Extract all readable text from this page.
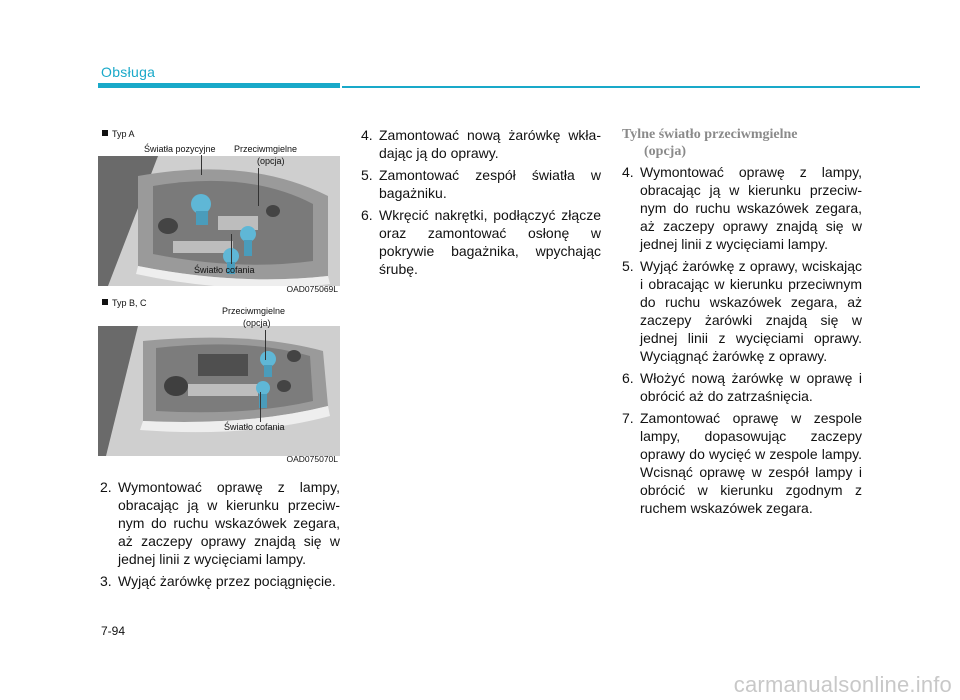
Obsługa
Typ A
Światła pozycyjne Przeciwmgielne
(opcja)
Światło cofania
OAD075069L
Typ B, C
Przeciwmgielne
(opcja)
Światło cofania
OAD075070L
2. Wymontować oprawę z lampy, obracając ją w kierunku przeciwnym do ruchu wskazówek zegara, aż zaczepy oprawy znajdą się w jednej linii z wycięciami lampy.
3. Wyjąć żarówkę przez pociągnięcie.
4. Zamontować nową żarówkę wkładając ją do oprawy.
5. Zamontować zespół światła w bagażniku.
6. Wkręcić nakrętki, podłączyć złącze oraz zamontować osłonę w pokrywie bagażnika, wpychając śrubę.
Tylne światło przeciwmgielne
(opcja)
4. Wymontować oprawę z lampy, obracając ją w kierunku przeciwnym do ruchu wskazówek zegara, aż zaczepy oprawy znajdą się w jednej linii z wycięciami lampy.
5. Wyjąć żarówkę z oprawy, wciskając i obracając w kierunku przeciwnym do ruchu wskazówek zegara, aż zaczepy żarówki znajdą się w jednej linii z wycięciami oprawy. Wyciągnąć żarówkę z oprawy.
6. Włożyć nową żarówkę w oprawę i obrócić aż do zatrzaśnięcia.
7. Zamontować oprawę w zespole lampy, dopasowując zaczepy oprawy do wycięć w zespole lampy. Wcisnąć oprawę w zespół lampy i obrócić w kierunku zgodnym z ruchem wskazówek zegara.
7-94
carmanualsonline.info
